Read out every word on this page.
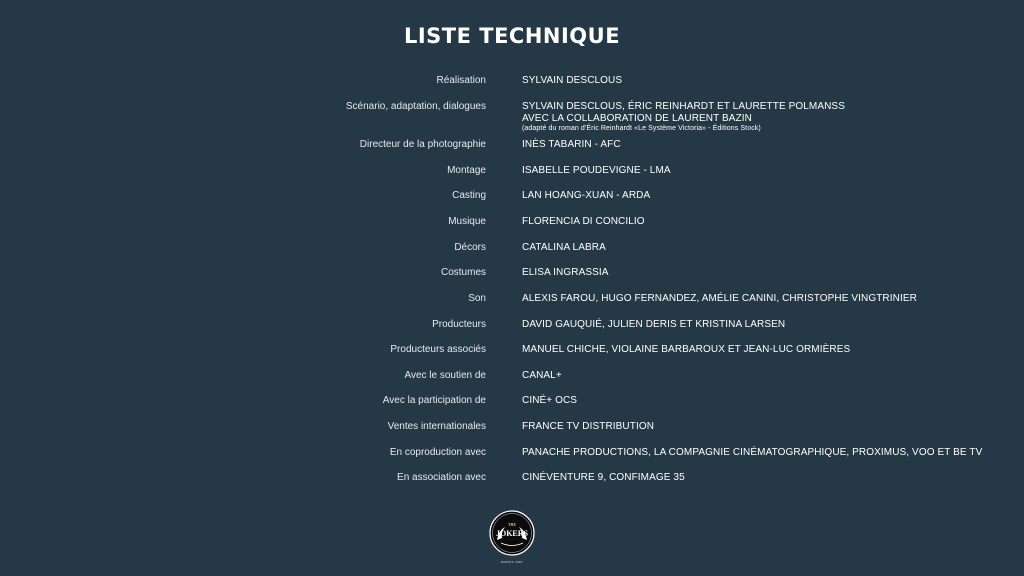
LISTE TECHNIQUE
Réalisation	SYLVAIN DESCLOUS
Scénario, adaptation, dialogues	SYLVAIN DESCLOUS, ÉRIC REINHARDT ET LAURETTE POLMANSS
AVEC LA COLLABORATION DE LAURENT BAZIN
(adapté du roman d'Éric Reinhardt «Le Système Victoria» - Éditions Stock)
Directeur de la photographie	INÈS TABARIN - AFC
Montage	ISABELLE POUDEVIGNE - LMA
Casting	LAN HOANG-XUAN - ARDA
Musique	FLORENCIA DI CONCILIO
Décors	CATALINA LABRA
Costumes	ELISA INGRASSIA
Son	ALEXIS FAROU, HUGO FERNANDEZ, AMÉLIE CANINI, CHRISTOPHE VINGTRINIER
Producteurs	DAVID GAUQUIÉ, JULIEN DERIS ET KRISTINA LARSEN
Producteurs associés	MANUEL CHICHE, VIOLAINE BARBAROUX ET JEAN-LUC ORMIÈRES
Avec le soutien de	CANAL+
Avec la participation de	CINÉ+ OCS
Ventes internationales	FRANCE TV DISTRIBUTION
En coproduction avec	PANACHE PRODUCTIONS, LA COMPAGNIE CINÉMATOGRAPHIQUE, PROXIMUS, VOO ET BE TV
En association avec	CINÉVENTURE 9, CONFIMAGE 35
THE
JOKERS
DEPUIS 1997
